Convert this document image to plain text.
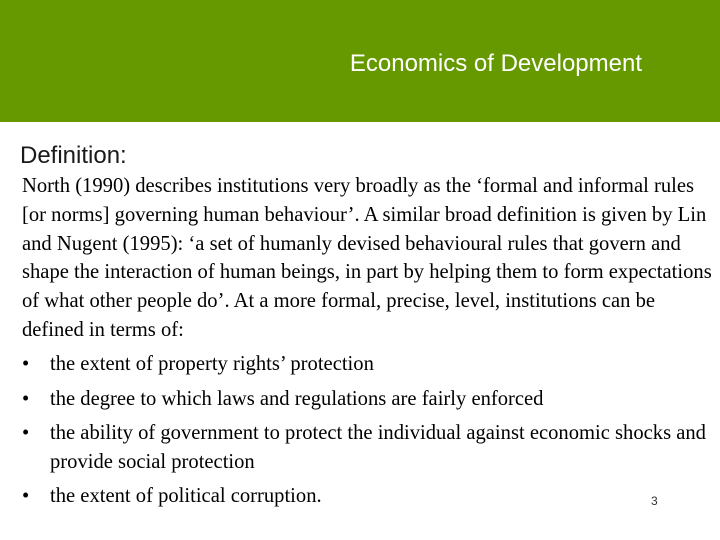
Economics of Development
Definition:

North (1990) describes institutions very broadly as the ‘formal and informal rules [or norms] governing human behaviour’. A similar broad definition is given by Lin and Nugent (1995): ‘a set of humanly devised behavioural rules that govern and shape the interaction of human beings, in part by helping them to form expectations of what other people do’. At a more formal, precise, level, institutions can be defined in terms of:

•	the extent of property rights’ protection
•	the degree to which laws and regulations are fairly enforced
•	the ability of government to protect the individual against economic shocks and provide social protection
•	the extent of political corruption.	3
